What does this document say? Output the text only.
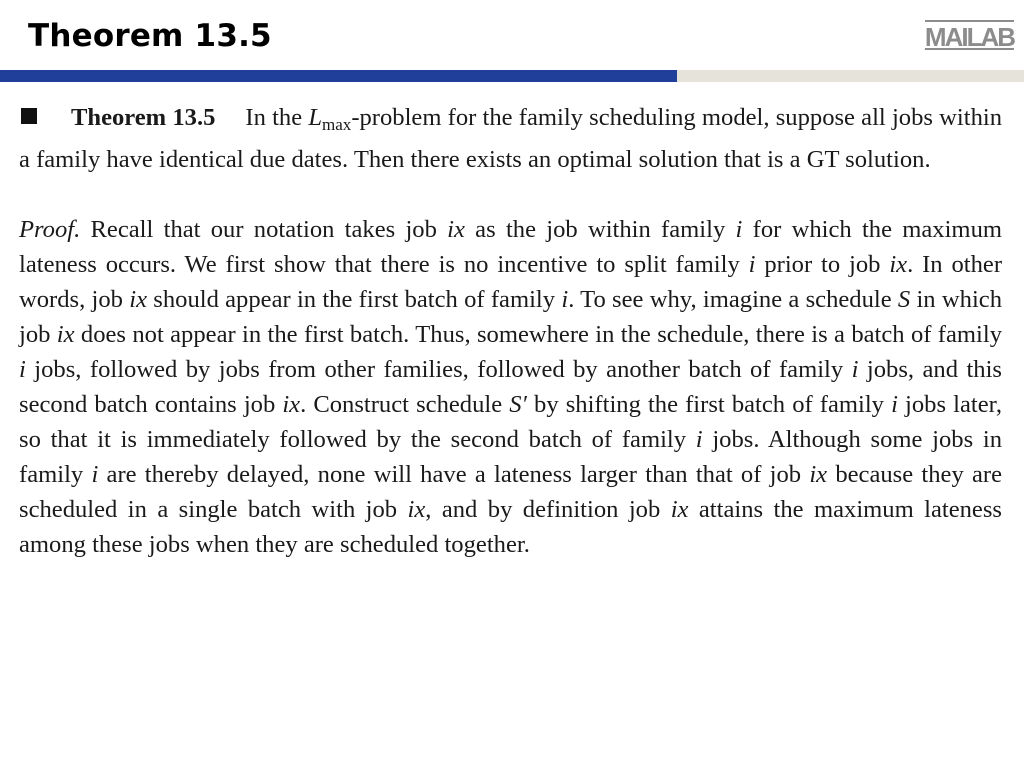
Theorem 13.5	MAILAB

Theorem 13.5 In the $L_{max}$-problem for the family scheduling model, suppose all jobs within a family have identical due dates. Then there exists an optimal solution that is a GT solution.

Proof. Recall that our notation takes job ix as the job within family i for which the maximum lateness occurs. We first show that there is no incentive to split family i prior to job ix. In other words, job ix should appear in the first batch of family i. To see why, imagine a schedule S in which job ix does not appear in the first batch. Thus, somewhere in the schedule, there is a batch of family i jobs, followed by jobs from other families, followed by another batch of family i jobs, and this second batch contains job ix. Construct schedule S′ by shifting the first batch of family i jobs later, so that it is immediately followed by the second batch of family i jobs. Although some jobs in family i are thereby delayed, none will have a lateness larger than that of job ix because they are scheduled in a single batch with job ix, and by definition job ix attains the maximum lateness among these jobs when they are scheduled together.
